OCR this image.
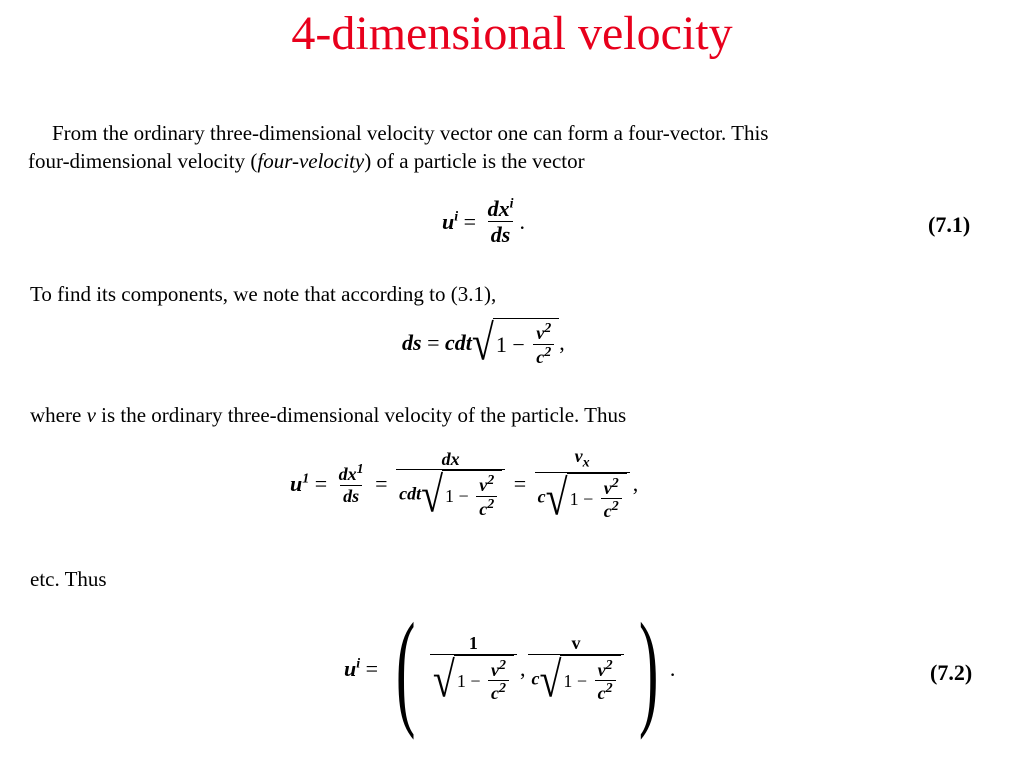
4-dimensional velocity
From the ordinary three-dimensional velocity vector one can form a four-vector. This
four-dimensional velocity (four-velocity) of a particle is the vector
$u^i = \frac{dx^i}{ds}$ .	(7.1)
To find its components, we note that according to (3.1),
ds = cdt √ $1 - \frac{v^2}{c^2}$ ,
where v is the ordinary three-dimensional velocity of the particle. Thus
$u^1 = \frac{dx^1}{ds} = \frac{dx}{cdt √ 1 - \frac{v^2}{c^2}} = \frac{v_x}{c √ 1 - \frac{v^2}{c^2}}$ ,
etc. Thus
$u^i$ = ( $\frac{1}{√ 1 - \frac{v^2}{c^2}}$ , $\frac{v}{c √ 1 - \frac{v^2}{c^2}}$ ) .	(7.2)
